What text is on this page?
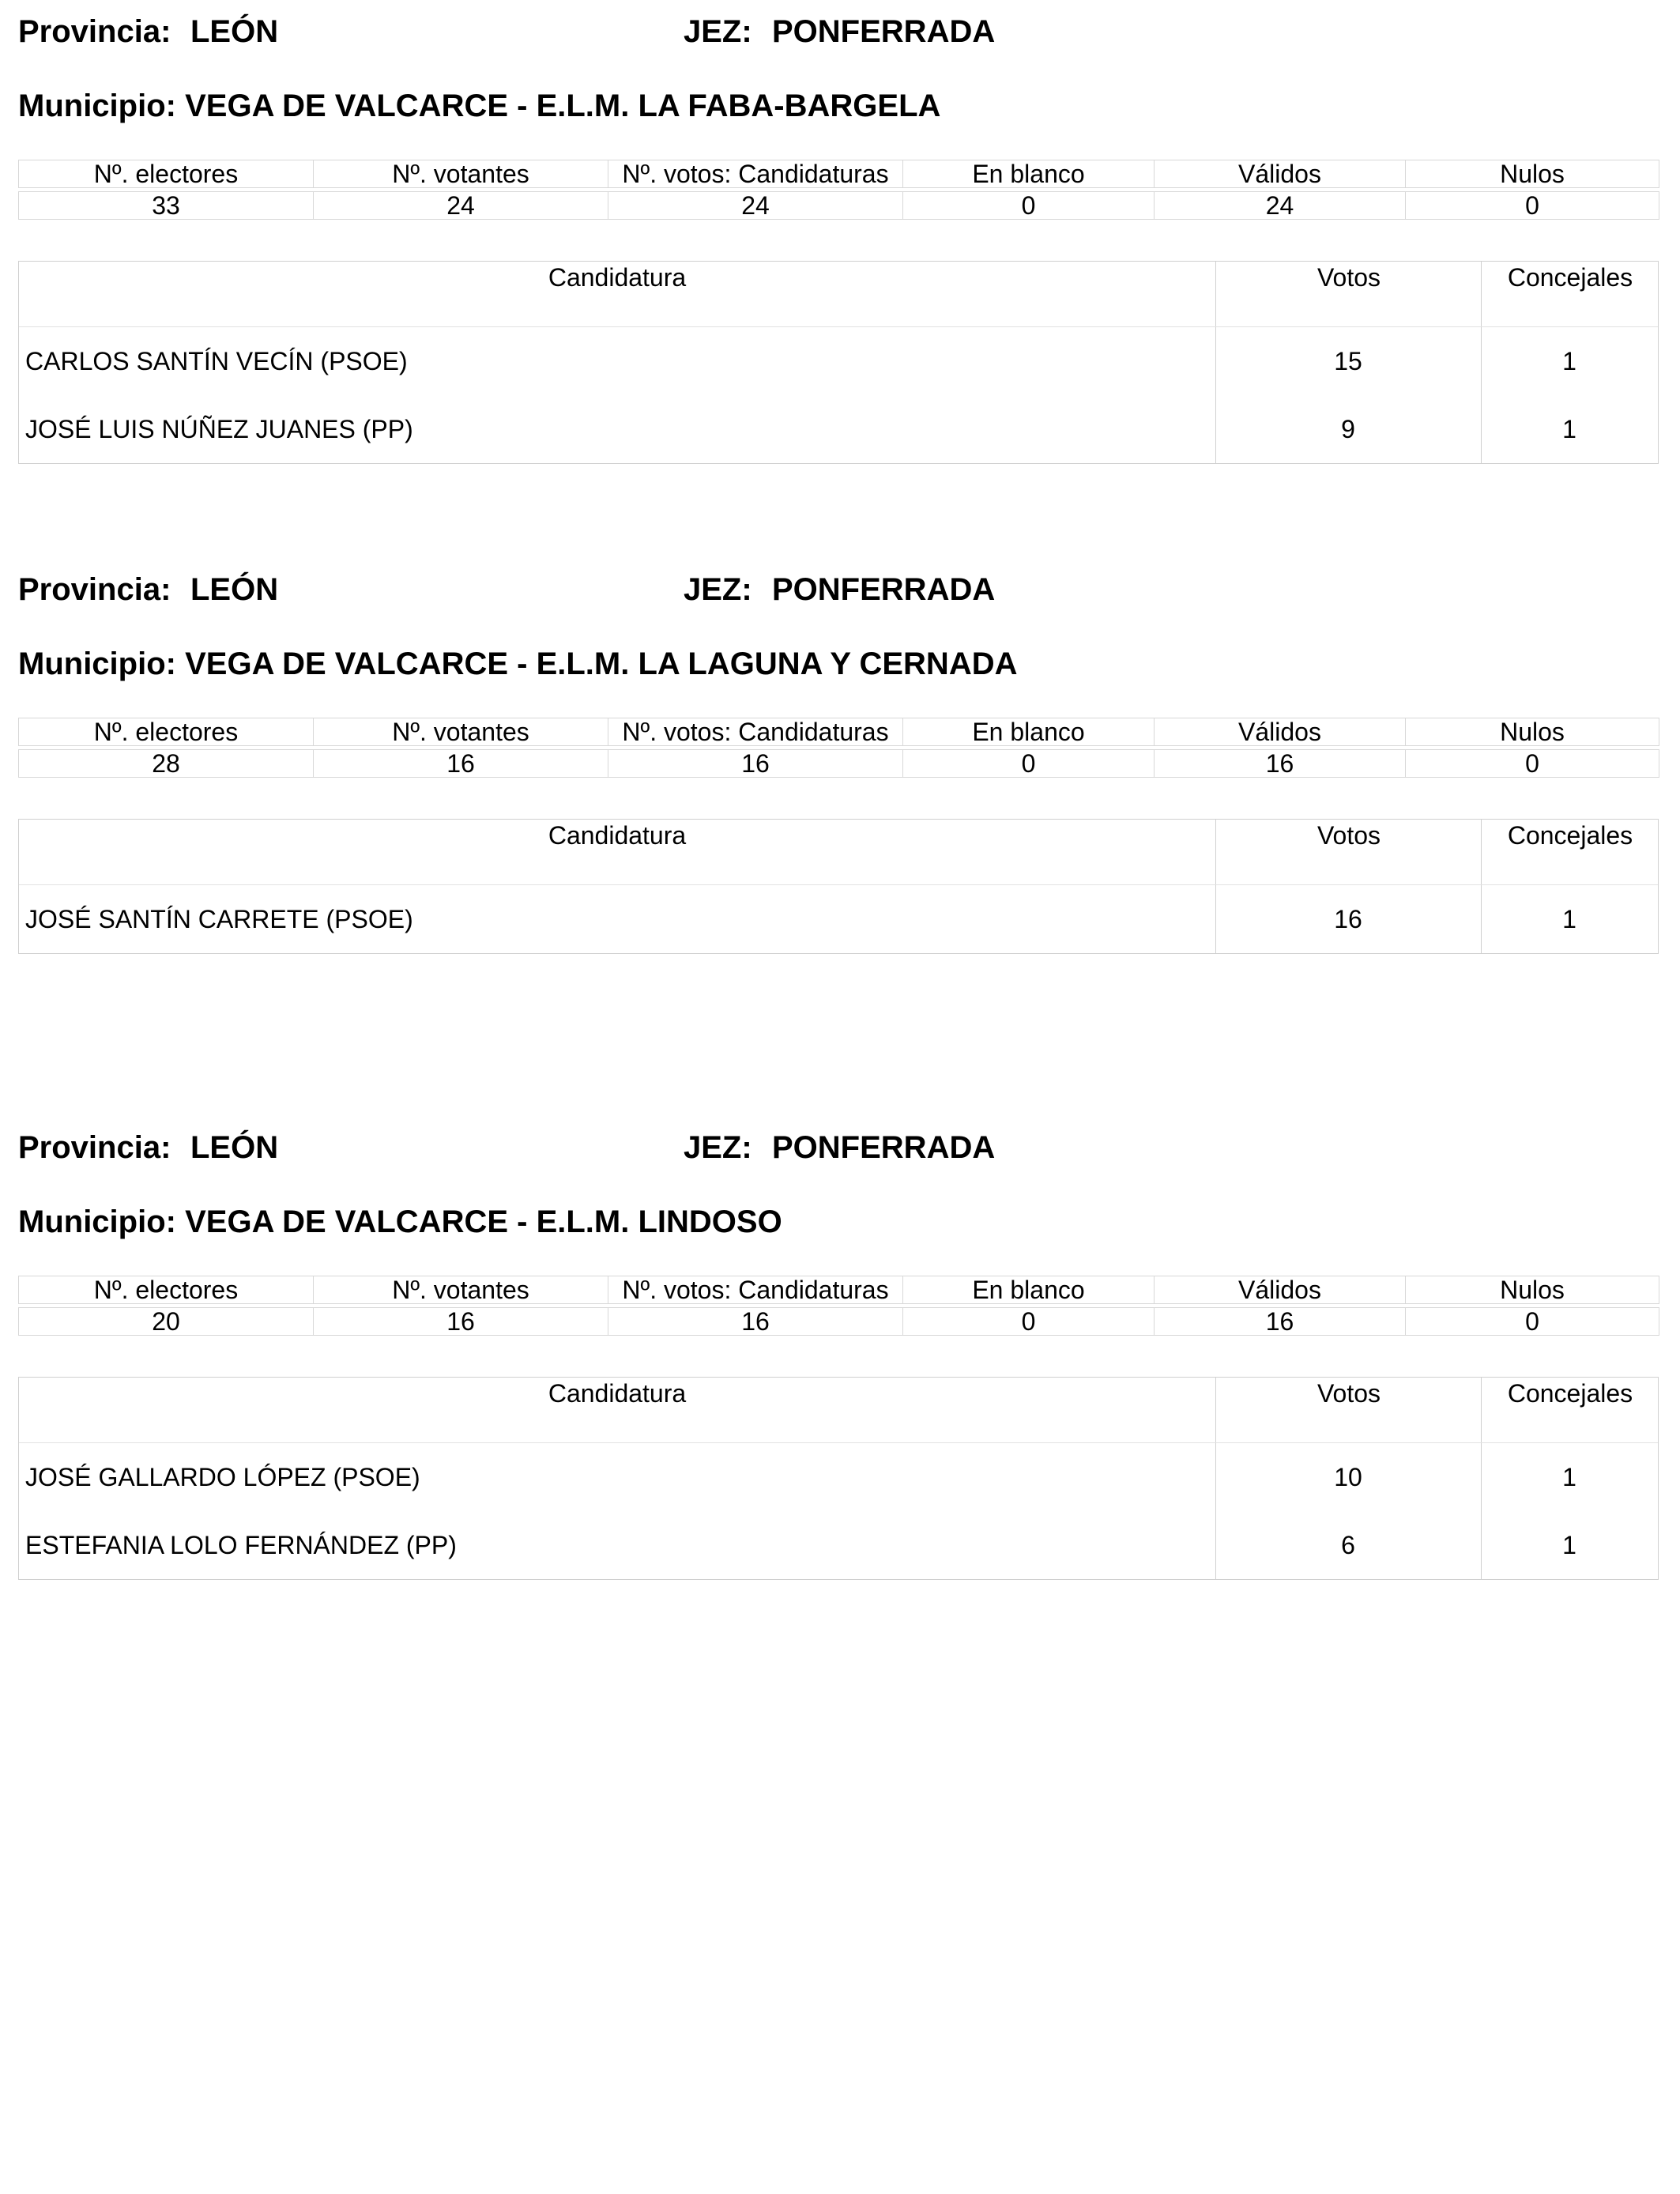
Provincia: LEÓN	JEZ: PONFERRADA
Municipio: VEGA DE VALCARCE - E.L.M. LA FABA-BARGELA
Nº. electores	Nº. votantes	Nº. votos: Candidaturas	En blanco	Válidos	Nulos

33	24	24	0	24	0
Candidatura	Votos	Concejales
CARLOS SANTÍN VECÍN (PSOE)	15	1
JOSÉ LUIS NÚÑEZ JUANES (PP)	9	1
Provincia: LEÓN	JEZ: PONFERRADA
Municipio: VEGA DE VALCARCE - E.L.M. LA LAGUNA Y CERNADA
Nº. electores	Nº. votantes	Nº. votos: Candidaturas	En blanco	Válidos	Nulos

28	16	16	0	16	0
Candidatura	Votos	Concejales
JOSÉ SANTÍN CARRETE (PSOE)	16	1
Provincia: LEÓN	JEZ: PONFERRADA
Municipio: VEGA DE VALCARCE - E.L.M. LINDOSO
Nº. electores	Nº. votantes	Nº. votos: Candidaturas	En blanco	Válidos	Nulos

20	16	16	0	16	0
Candidatura	Votos	Concejales
JOSÉ GALLARDO LÓPEZ (PSOE)	10	1
ESTEFANIA LOLO FERNÁNDEZ (PP)	6	1
